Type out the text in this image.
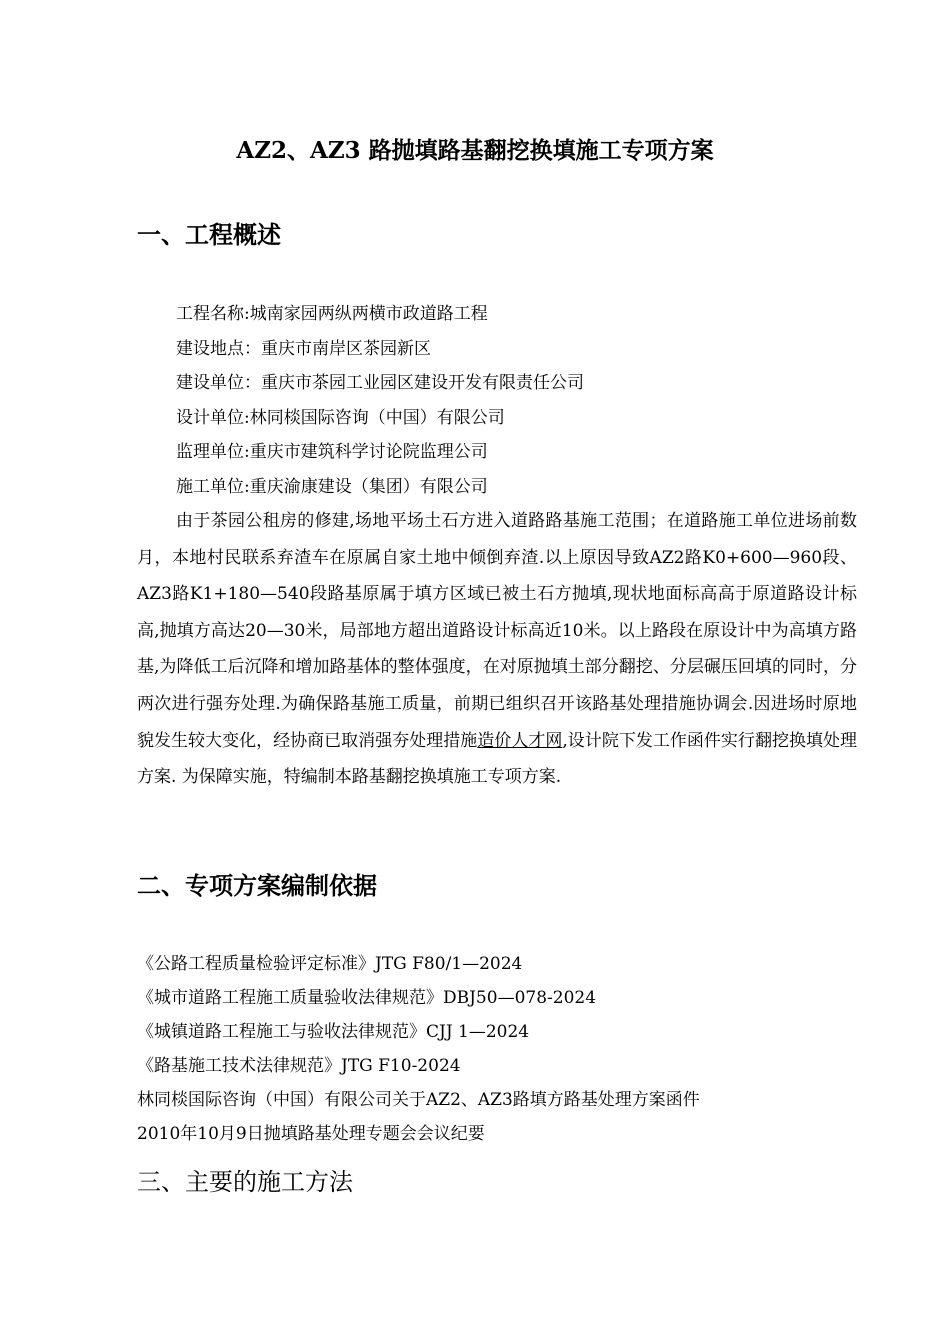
AZ2、AZ3 路抛填路基翻挖换填施工专项方案
一、工程概述
工程名称:城南家园两纵两横市政道路工程
建设地点：重庆市南岸区茶园新区
建设单位：重庆市茶园工业园区建设开发有限责任公司
设计单位:林同棪国际咨询（中国）有限公司
监理单位:重庆市建筑科学讨论院监理公司
施工单位:重庆渝康建设（集团）有限公司

由于茶园公租房的修建,场地平场土石方进入道路路基施工范围；在道路施工单位进场前数月，本地村民联系弃渣车在原属自家土地中倾倒弃渣.以上原因导致AZ2路K0+600—960段、AZ3路K1+180—540段路基原属于填方区域已被土石方抛填,现状地面标高高于原道路设计标高,抛填方高达20—30米，局部地方超出道路设计标高近10米。以上路段在原设计中为高填方路基,为降低工后沉降和增加路基体的整体强度，在对原抛填土部分翻挖、分层碾压回填的同时，分两次进行强夯处理.为确保路基施工质量，前期已组织召开该路基处理措施协调会.因进场时原地貌发生较大变化，经协商已取消强夯处理措施造价人才网,设计院下发工作函件实行翻挖换填处理方案. 为保障实施，特编制本路基翻挖换填施工专项方案.

二、专项方案编制依据
《公路工程质量检验评定标准》JTG F80/1—2024
《城市道路工程施工质量验收法律规范》DBJ50—078-2024
《城镇道路工程施工与验收法律规范》CJJ 1—2024
《路基施工技术法律规范》JTG F10-2024
林同棪国际咨询（中国）有限公司关于AZ2、AZ3路填方路基处理方案函件
2010年10月9日抛填路基处理专题会会议纪要
三、主要的施工方法
